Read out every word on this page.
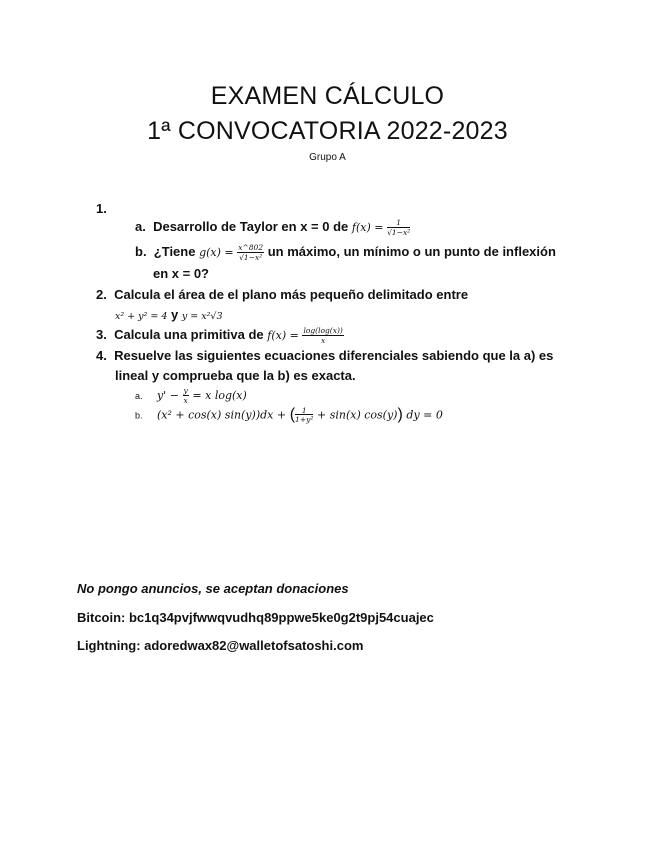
EXAMEN CÁLCULO
1ª CONVOCATORIA 2022-2023
Grupo A
1.
a. Desarrollo de Taylor en x = 0 de $f(x) = \frac{1}{\text{√1−x²}}$
b. ¿Tiene $g(x) = \frac{x\^{}802}{\text{√1−x²}}$ un máximo, un mínimo o un punto de inflexión
en x = 0?
2. Calcula el área de el plano más pequeño delimitado entre
x² + y² = 4 y y = x²√3
3. Calcula una primitiva de $f(x) = \frac{\log(\log(x))}{x}$
4. Resuelve las siguientes ecuaciones diferenciales sabiendo que la a) es
lineal y comprueba que la b) es exacta.
a. $y' - \frac{y}{x} = x$ log(x)
b. (x² + cos(x) sin(y))dx + ( $\frac{1}{\text{1+y²}} + \sin(x)$ cos(y)) dy = 0
No pongo anuncios, se aceptan donaciones
Bitcoin: bc1q34pvjfwwqvudhq89ppwe5ke0g2t9pj54cuajec
Lightning: adoredwax82@walletofsatoshi.com
